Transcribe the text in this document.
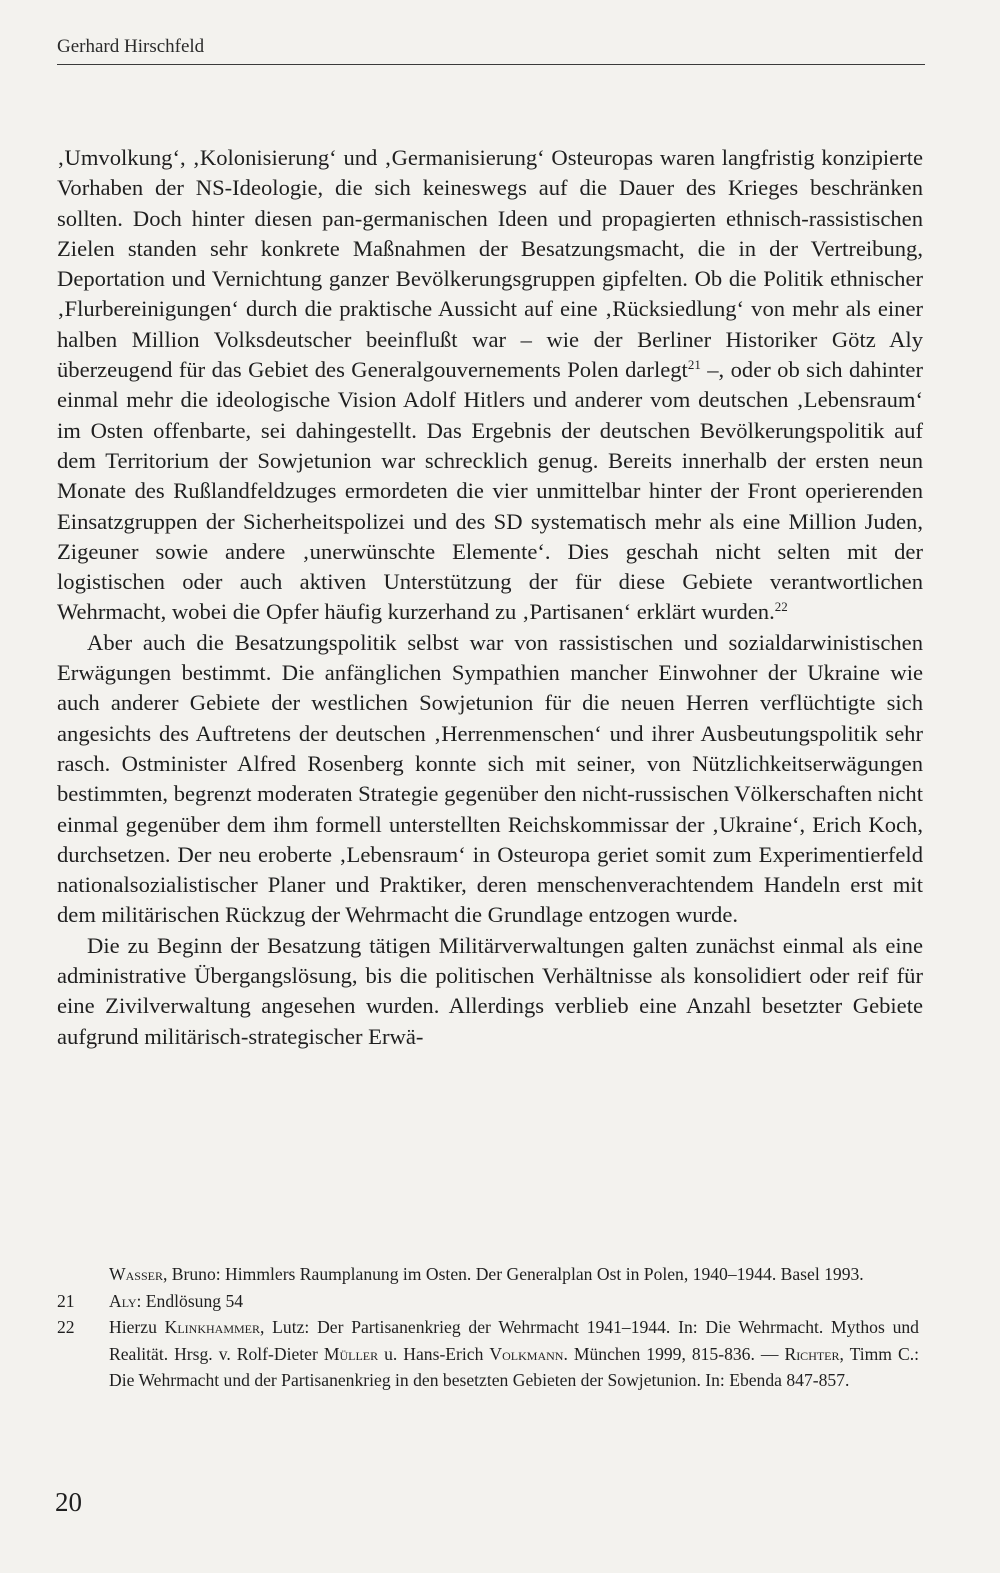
Gerhard Hirschfeld

‚Umvolkung‘, ‚Kolonisierung‘ und ‚Germanisierung‘ Osteuropas waren langfristig konzipierte Vorhaben der NS-Ideologie, die sich keineswegs auf die Dauer des Krieges beschränken sollten. Doch hinter diesen pan-germanischen Ideen und propagierten ethnisch-rassistischen Zielen standen sehr konkrete Maßnahmen der Besatzungsmacht, die in der Vertreibung, Deportation und Vernichtung ganzer Bevölkerungsgruppen gipfelten. Ob die Politik ethnischer ‚Flurbereinigungen‘ durch die praktische Aussicht auf eine ‚Rücksiedlung‘ von mehr als einer halben Million Volksdeutscher beeinflußt war – wie der Berliner Historiker Götz Aly überzeugend für das Gebiet des Generalgouvernements Polen darlegt$^{21}$ –, oder ob sich dahinter einmal mehr die ideologische Vision Adolf Hitlers und anderer vom deutschen ‚Lebensraum‘ im Osten offenbarte, sei dahingestellt. Das Ergebnis der deutschen Bevölkerungspolitik auf dem Territorium der Sowjetunion war schrecklich genug. Bereits innerhalb der ersten neun Monate des Rußlandfeldzuges ermordeten die vier unmittelbar hinter der Front operierenden Einsatzgruppen der Sicherheitspolizei und des SD systematisch mehr als eine Million Juden, Zigeuner sowie andere ‚unerwünschte Elemente‘. Dies geschah nicht selten mit der logistischen oder auch aktiven Unterstützung der für diese Gebiete verantwortlichen Wehrmacht, wobei die Opfer häufig kurzerhand zu ‚Partisanen‘ erklärt wurden.$^{22}$

Aber auch die Besatzungspolitik selbst war von rassistischen und sozialdarwinistischen Erwägungen bestimmt. Die anfänglichen Sympathien mancher Einwohner der Ukraine wie auch anderer Gebiete der westlichen Sowjetunion für die neuen Herren verflüchtigte sich angesichts des Auftretens der deutschen ‚Herrenmenschen‘ und ihrer Ausbeutungspolitik sehr rasch. Ostminister Alfred Rosenberg konnte sich mit seiner, von Nützlichkeitserwägungen bestimmten, begrenzt moderaten Strategie gegenüber den nicht-russischen Völkerschaften nicht einmal gegenüber dem ihm formell unterstellten Reichskommissar der ‚Ukraine‘, Erich Koch, durchsetzen. Der neu eroberte ‚Lebensraum‘ in Osteuropa geriet somit zum Experimentierfeld nationalsozialistischer Planer und Praktiker, deren menschenverachtendem Handeln erst mit dem militärischen Rückzug der Wehrmacht die Grundlage entzogen wurde.

Die zu Beginn der Besatzung tätigen Militärverwaltungen galten zunächst einmal als eine administrative Übergangslösung, bis die politischen Verhältnisse als konsolidiert oder reif für eine Zivilverwaltung angesehen wurden. Allerdings verblieb eine Anzahl besetzter Gebiete aufgrund militärisch-strategischer Erwä-

Wasser, Bruno: Himmlers Raumplanung im Osten. Der Generalplan Ost in Polen, 1940–1944. Basel 1993.
21	Aly: Endlösung 54
22	Hierzu Klinkhammer, Lutz: Der Partisanenkrieg der Wehrmacht 1941–1944. In: Die Wehrmacht. Mythos und Realität. Hrsg. v. Rolf-Dieter Müller u. Hans-Erich Volkmann. München 1999, 815-836. — Richter, Timm C.: Die Wehrmacht und der Partisanenkrieg in den besetzten Gebieten der Sowjetunion. In: Ebenda 847-857.
20
